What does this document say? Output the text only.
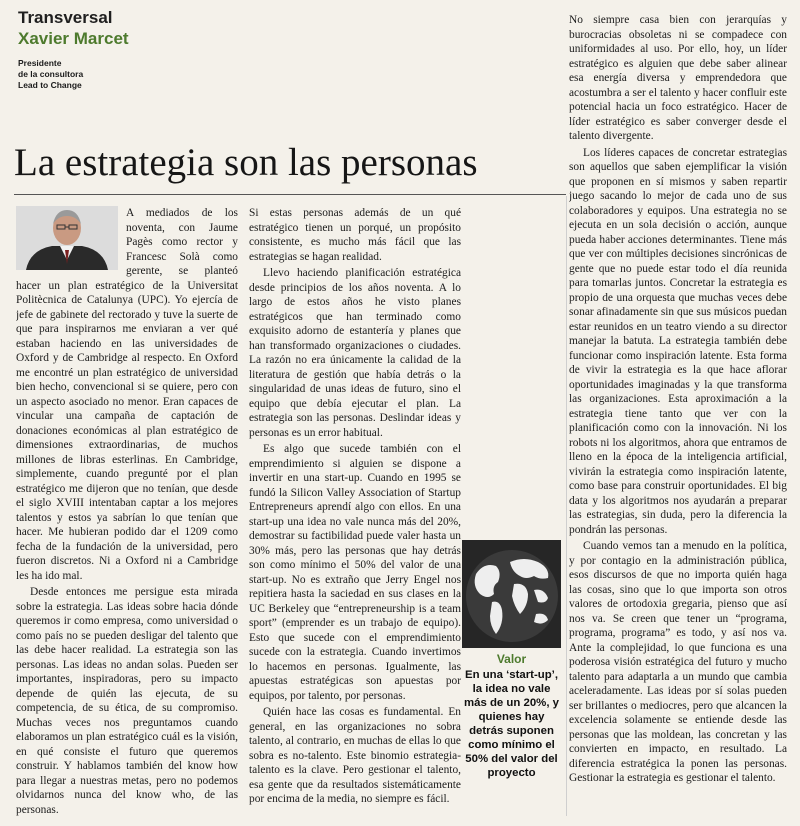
Transversal
Xavier Marcet
Presidente
de la consultora
Lead to Change
La estrategia son las personas

A mediados de los noventa, con Jaume Pagès como rector y Francesc Solà como gerente, se planteó hacer un plan estratégico de la Universitat Politècnica de Catalunya (UPC). Yo ejercía de jefe de gabinete del rectorado y tuve la suerte de que para inspirarnos me enviaran a ver qué estaban haciendo en las universidades de Oxford y de Cambridge al respecto. En Oxford me encontré un plan estratégico de universidad bien hecho, convencional si se quiere, pero con un aspecto asociado no menor. Eran capaces de vincular una campaña de captación de donaciones económicas al plan estratégico de dimensiones extraordinarias, de muchos millones de libras esterlinas. En Cambridge, simplemente, cuando pregunté por el plan estratégico me dijeron que no tenían, que desde el siglo XVIII intentaban captar a los mejores talentos y estos ya sabrían lo que tenían que hacer. Me hubieran podido dar el 1209 como fecha de la fundación de la universidad, pero fueron discretos. Ni a Oxford ni a Cambridge les ha ido mal.

Desde entonces me persigue esta mirada sobre la estrategia. Las ideas sobre hacia dónde queremos ir como empresa, como universidad o como país no se pueden desligar del talento que las debe hacer realidad. La estrategia son las personas. Las ideas no andan solas. Pueden ser importantes, inspiradoras, pero su impacto depende de quién las ejecuta, de su competencia, de su ética, de su compromiso. Muchas veces nos preguntamos cuando elaboramos un plan estratégico cuál es la visión, en qué consiste el futuro que queremos construir. Y hablamos también del know how para llegar a nuestras metas, pero no podemos olvidarnos nunca del know who, de las personas.

Si estas personas además de un qué estratégico tienen un porqué, un propósito consistente, es mucho más fácil que las estrategias se hagan realidad.

Llevo haciendo planificación estratégica desde principios de los años noventa. A lo largo de estos años he visto planes estratégicos que han terminado como exquisito adorno de estantería y planes que han transformado organizaciones o ciudades. La razón no era únicamente la calidad de la literatura de gestión que había detrás o la singularidad de unas ideas de futuro, sino el equipo que debía ejecutar el plan. La estrategia son las personas. Deslindar ideas y personas es un error habitual.

Es algo que sucede también con el emprendimiento si alguien se dispone a invertir en una start-up. Cuando en 1995 se fundó la Silicon Valley Association of Startup Entrepreneurs aprendí algo con ellos. En una start-up una idea no vale nunca más del 20%, demostrar su factibilidad puede valer hasta un 30% más, pero las personas que hay detrás son como mínimo el 50% del valor de una start-up. No es extraño que Jerry Engel nos repitiera hasta la saciedad en sus clases en la UC Berkeley que “entrepreneurship is a team sport” (emprender es un trabajo de equipo). Esto que sucede con el emprendimiento sucede con la estrategia. Cuando invertimos lo hacemos en personas. Igualmente, las apuestas estratégicas son apuestas por equipos, por talento, por personas.

Quién hace las cosas es fundamental. En general, en las organizaciones no sobra talento, al contrario, en muchas de ellas lo que sobra es no-talento. Este binomio estrategia-talento es la clave. Pero gestionar el talento, esa gente que da resultados sistemáticamente por encima de la media, no siempre es fácil.

Valor
En una ‘start-up’, la idea no vale más de un 20%, y quienes hay detrás suponen como mínimo el 50% del valor del proyecto

No siempre casa bien con jerarquías y burocracias obsoletas ni se compadece con uniformidades al uso. Por ello, hoy, un líder estratégico es alguien que debe saber alinear esa energía diversa y emprendedora que acostumbra a ser el talento y hacer confluir este potencial hacia un foco estratégico. Hacer de líder estratégico es saber converger desde el talento divergente.

Los líderes capaces de concretar estrategias son aquellos que saben ejemplificar la visión que proponen en sí mismos y saben repartir juego sacando lo mejor de cada uno de sus colaboradores y equipos. Una estrategia no se ejecuta en un sola decisión o acción, aunque pueda haber acciones determinantes. Tiene más que ver con múltiples decisiones sincrónicas de gente que no puede estar todo el día reunida para tomarlas juntos. Concretar la estrategia es propio de una orquesta que muchas veces debe sonar afinadamente sin que sus músicos puedan estar reunidos en un teatro viendo a su director manejar la batuta. La estrategia también debe funcionar como inspiración latente. Esta forma de vivir la estrategia es la que hace aflorar oportunidades imaginadas y la que transforma las organizaciones. Esta aproximación a la estrategia tiene tanto que ver con la planificación como con la innovación. Ni los robots ni los algoritmos, ahora que entramos de lleno en la época de la inteligencia artificial, vivirán la estrategia como inspiración latente, como base para construir oportunidades. El big data y los algoritmos nos ayudarán a preparar las estrategias, sin duda, pero la diferencia la pondrán las personas.

Cuando vemos tan a menudo en la política, y por contagio en la administración pública, esos discursos de que no importa quién haga las cosas, sino que lo que importa son otros valores de ortodoxia gregaria, pienso que así nos va. Se creen que tener un “programa, programa, programa” es todo, y así nos va. Ante la complejidad, lo que funciona es una poderosa visión estratégica del futuro y mucho talento para adaptarla a un mundo que cambia aceleradamente. Las ideas por sí solas pueden ser brillantes o mediocres, pero que alcancen la excelencia solamente se entiende desde las personas que las moldean, las concretan y las convierten en impacto, en resultado. La diferencia estratégica la ponen las personas. Gestionar la estrategia es gestionar el talento.
